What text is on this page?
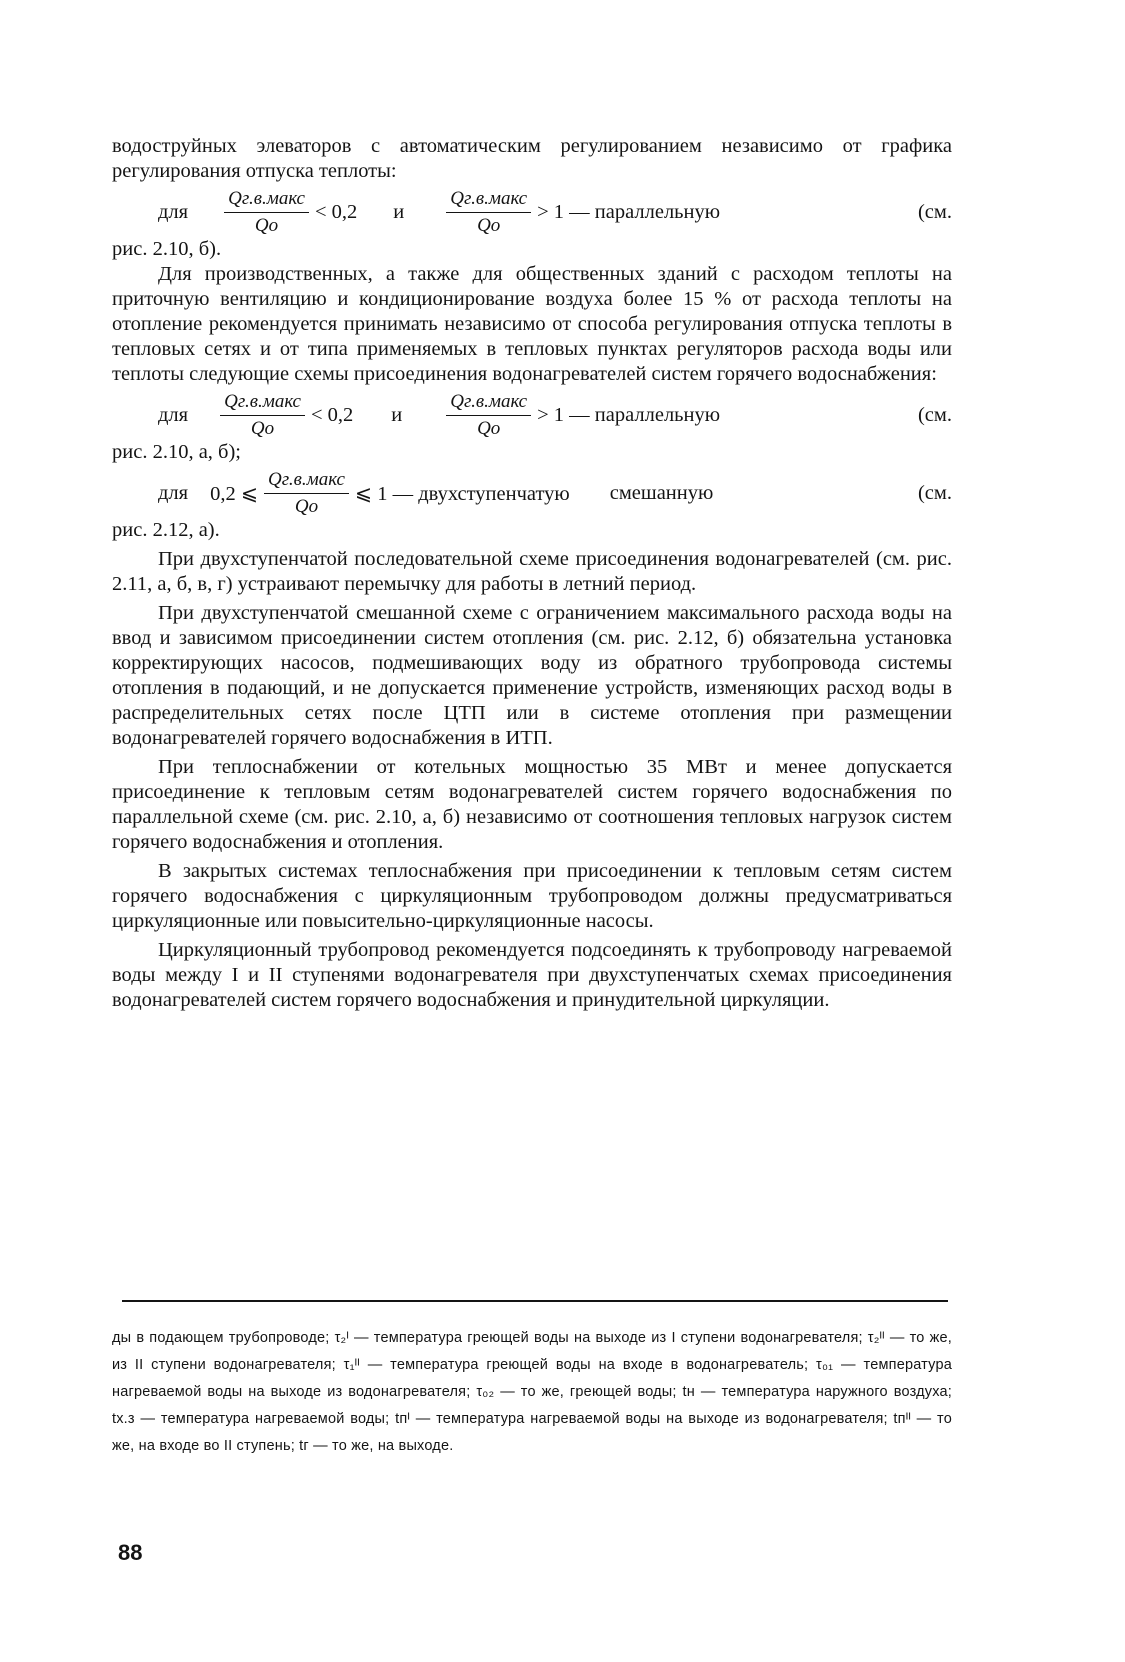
водоструйных элеваторов с автоматическим регулированием независимо от графика регулирования отпуска теплоты:

для $\frac{\text{Qг.в.макс}}{Qо} < 0,2$ и $\frac{\text{Qг.в.макс}}{Qо} > 1$ — параллельную	(см.

рис. 2.10, б).

Для производственных, а также для общественных зданий с расходом теплоты на приточную вентиляцию и кондиционирование воздуха более 15 % от расхода теплоты на отопление рекомендуется принимать независимо от способа регулирования отпуска теплоты в тепловых сетях и от типа применяемых в тепловых пунктах регуляторов расхода воды или теплоты следующие схемы присоединения водонагревателей систем горячего водоснабжения:

для $\frac{\text{Qг.в.макс}}{Qо} < 0,2$ и $\frac{\text{Qг.в.макс}}{Qо} > 1$ — параллельную	(см.

рис. 2.10, а, б);

для 0,2 ⩽ $\frac{\text{Qг.в.макс}}{Qо}$ ⩽ 1 — двухступенчатую смешанную	(см.

рис. 2.12, а).

При двухступенчатой последовательной схеме присоединения водонагревателей (см. рис. 2.11, а, б, в, г) устраивают перемычку для работы в летний период.

При двухступенчатой смешанной схеме с ограничением максимального расхода воды на ввод и зависимом присоединении систем отопления (см. рис. 2.12, б) обязательна установка корректирующих насосов, подмешивающих воду из обратного трубопровода системы отопления в подающий, и не допускается применение устройств, изменяющих расход воды в распределительных сетях после ЦТП или в системе отопления при размещении водонагревателей горячего водоснабжения в ИТП.

При теплоснабжении от котельных мощностью 35 МВт и менее допускается присоединение к тепловым сетям водонагревателей систем горячего водоснабжения по параллельной схеме (см. рис. 2.10, а, б) независимо от соотношения тепловых нагрузок систем горячего водоснабжения и отопления.

В закрытых системах теплоснабжения при присоединении к тепловым сетям систем горячего водоснабжения с циркуляционным трубопроводом должны предусматриваться циркуляционные или повысительно-циркуляционные насосы.

Циркуляционный трубопровод рекомендуется подсоединять к трубопроводу нагреваемой воды между I и II ступенями водонагревателя при двухступенчатых схемах присоединения водонагревателей систем горячего водоснабжения и принудительной циркуляции.

ды в подающем трубопроводе; τ₂ᴵ — температура греющей воды на выходе из I ступени водонагревателя; τ₂ᴵᴵ — то же, из II ступени водонагревателя; τ₁ᴵᴵ — температура греющей воды на входе в водонагреватель; τ₀₁ — температура нагреваемой воды на выходе из водонагревателя; τ₀₂ — то же, греющей воды; tн — температура наружного воздуха; tх.з — температура нагреваемой воды; tпᴵ — температура нагреваемой воды на выходе из водонагревателя; tпᴵᴵ — то же, на входе во II ступень; tг — то же, на выходе.

88
